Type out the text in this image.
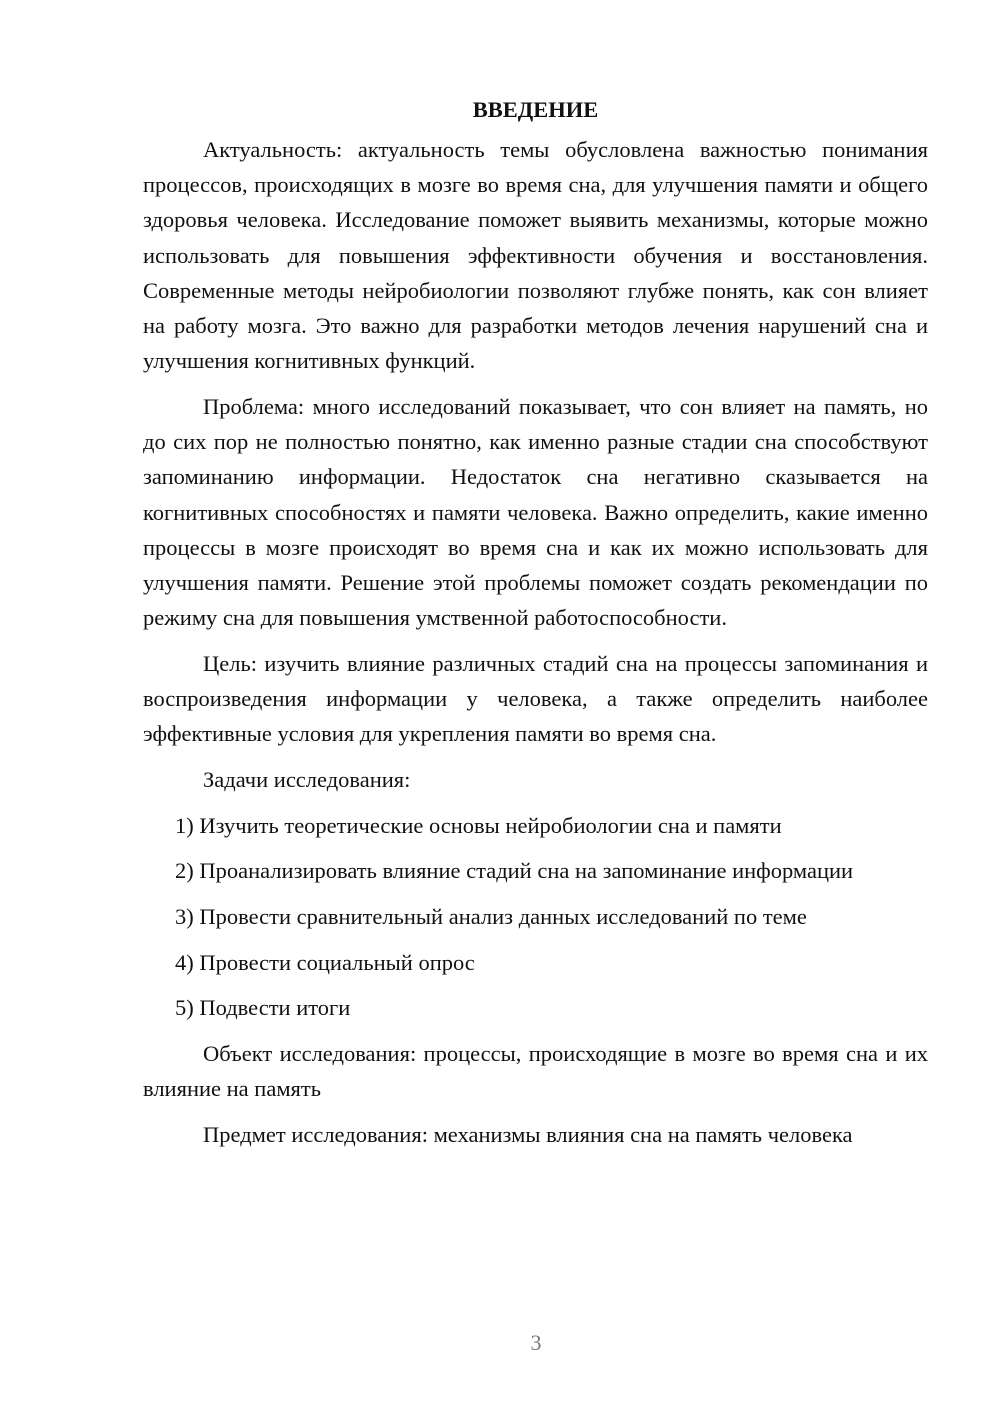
ВВЕДЕНИЕ

Актуальность: актуальность темы обусловлена важностью понимания процессов, происходящих в мозге во время сна, для улучшения памяти и общего здоровья человека. Исследование поможет выявить механизмы, которые можно использовать для повышения эффективности обучения и восстановления. Современные методы нейробиологии позволяют глубже понять, как сон влияет на работу мозга. Это важно для разработки методов лечения нарушений сна и улучшения когнитивных функций.

Проблема: много исследований показывает, что сон влияет на память, но до сих пор не полностью понятно, как именно разные стадии сна способствуют запоминанию информации. Недостаток сна негативно сказывается на когнитивных способностях и памяти человека. Важно определить, какие именно процессы в мозге происходят во время сна и как их можно использовать для улучшения памяти. Решение этой проблемы поможет создать рекомендации по режиму сна для повышения умственной работоспособности.

Цель: изучить влияние различных стадий сна на процессы запоминания и воспроизведения информации у человека, а также определить наиболее эффективные условия для укрепления памяти во время сна.

Задачи исследования:

1) Изучить теоретические основы нейробиологии сна и памяти

2) Проанализировать влияние стадий сна на запоминание информации

3) Провести сравнительный анализ данных исследований по теме

4) Провести социальный опрос

5) Подвести итоги

Объект исследования: процессы, происходящие в мозге во время сна и их влияние на память

Предмет исследования: механизмы влияния сна на память человека

3
